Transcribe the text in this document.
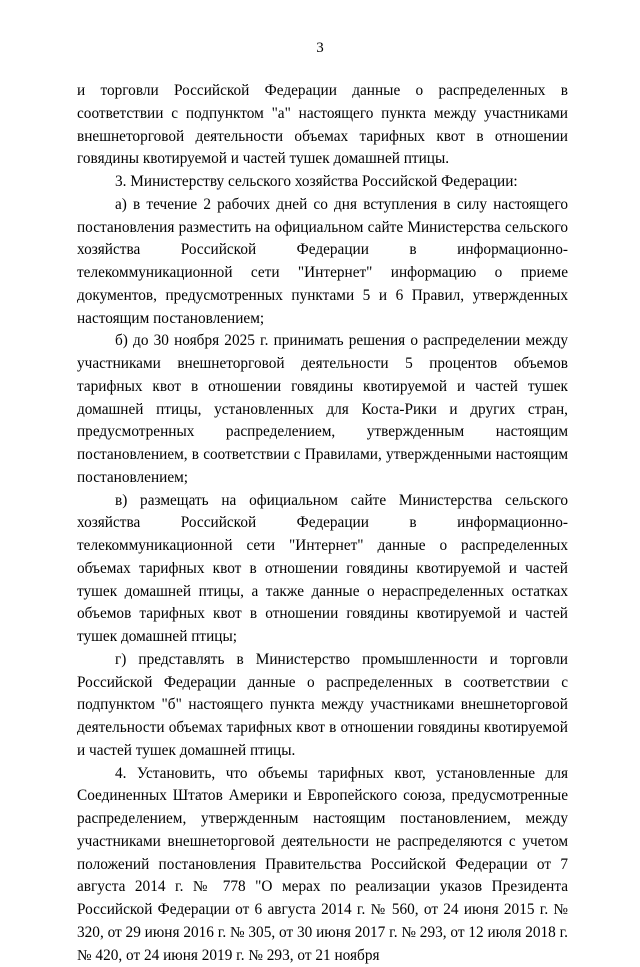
3

и торговли Российской Федерации данные о распределенных в соответствии с подпунктом "а" настоящего пункта между участниками внешнеторговой деятельности объемах тарифных квот в отношении говядины квотируемой и частей тушек домашней птицы.

3. Министерству сельского хозяйства Российской Федерации:

а) в течение 2 рабочих дней со дня вступления в силу настоящего постановления разместить на официальном сайте Министерства сельского хозяйства Российской Федерации в информационно-телекоммуникационной сети "Интернет" информацию о приеме документов, предусмотренных пунктами 5 и 6 Правил, утвержденных настоящим постановлением;

б) до 30 ноября 2025 г. принимать решения о распределении между участниками внешнеторговой деятельности 5 процентов объемов тарифных квот в отношении говядины квотируемой и частей тушек домашней птицы, установленных для Коста-Рики и других стран, предусмотренных распределением, утвержденным настоящим постановлением, в соответствии с Правилами, утвержденными настоящим постановлением;

в) размещать на официальном сайте Министерства сельского хозяйства Российской Федерации в информационно-телекоммуникационной сети "Интернет" данные о распределенных объемах тарифных квот в отношении говядины квотируемой и частей тушек домашней птицы, а также данные о нераспределенных остатках объемов тарифных квот в отношении говядины квотируемой и частей тушек домашней птицы;

г) представлять в Министерство промышленности и торговли Российской Федерации данные о распределенных в соответствии с подпунктом "б" настоящего пункта между участниками внешнеторговой деятельности объемах тарифных квот в отношении говядины квотируемой и частей тушек домашней птицы.

4. Установить, что объемы тарифных квот, установленные для Соединенных Штатов Америки и Европейского союза, предусмотренные распределением, утвержденным настоящим постановлением, между участниками внешнеторговой деятельности не распределяются с учетом положений постановления Правительства Российской Федерации от 7 августа 2014 г. № 778 "О мерах по реализации указов Президента Российской Федерации от 6 августа 2014 г. № 560, от 24 июня 2015 г. № 320, от 29 июня 2016 г. № 305, от 30 июня 2017 г. № 293, от 12 июля 2018 г. № 420, от 24 июня 2019 г. № 293, от 21 ноября
